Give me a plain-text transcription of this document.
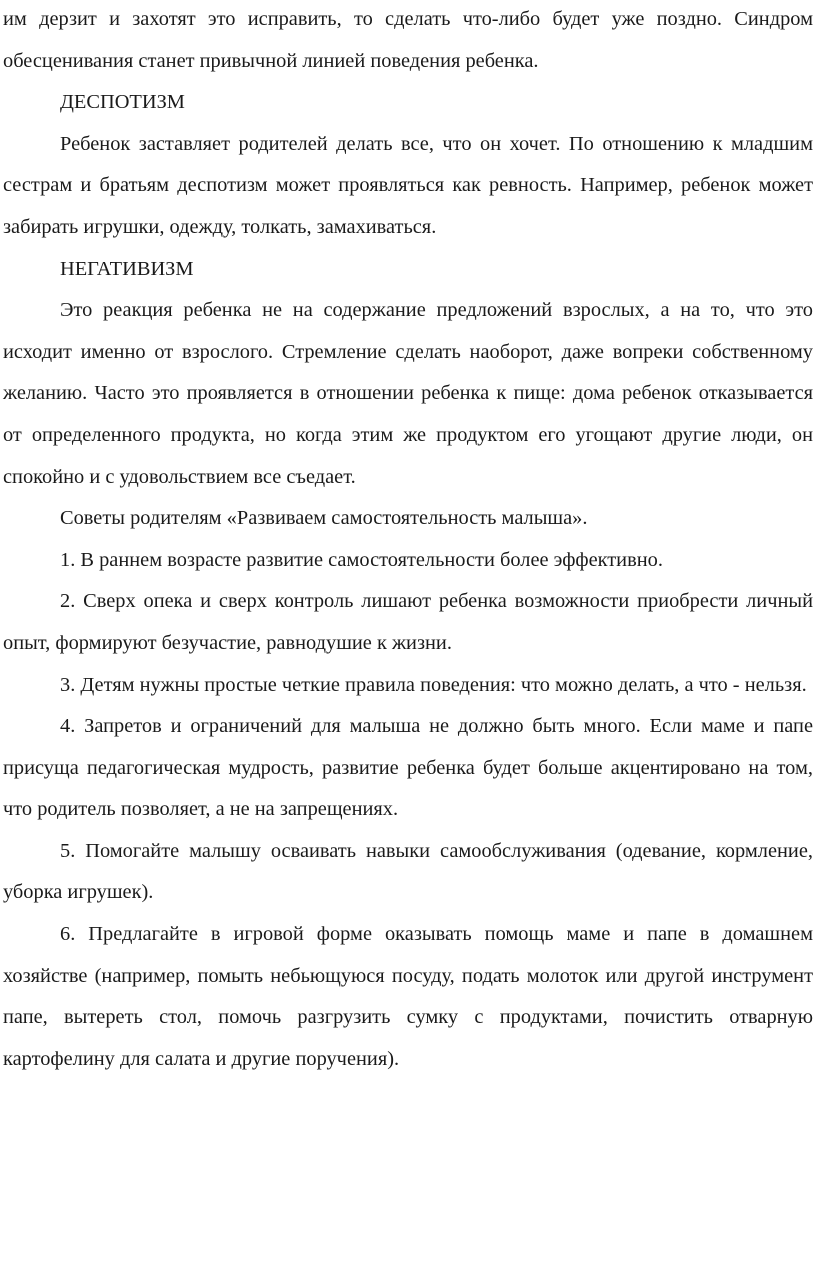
им дерзит и захотят это исправить, то сделать что-либо будет уже поздно. Синдром обесценивания станет привычной линией поведения ребенка.

ДЕСПОТИЗМ

Ребенок заставляет родителей делать все, что он хочет. По отношению к младшим сестрам и братьям деспотизм может проявляться как ревность. Например, ребенок может забирать игрушки, одежду, толкать, замахиваться.

НЕГАТИВИЗМ

Это реакция ребенка не на содержание предложений взрослых, а на то, что это исходит именно от взрослого. Стремление сделать наоборот, даже вопреки собственному желанию. Часто это проявляется в отношении ребенка к пище: дома ребенок отказывается от определенного продукта, но когда этим же продуктом его угощают другие люди, он спокойно и с удовольствием все съедает.

Советы родителям «Развиваем самостоятельность малыша».

1. В раннем возрасте развитие самостоятельности более эффективно.

2. Сверх опека и сверх контроль лишают ребенка возможности приобрести личный опыт, формируют безучастие, равнодушие к жизни.

3. Детям нужны простые четкие правила поведения: что можно делать, а что - нельзя.

4. Запретов и ограничений для малыша не должно быть много. Если маме и папе присуща педагогическая мудрость, развитие ребенка будет больше акцентировано на том, что родитель позволяет, а не на запрещениях.

5. Помогайте малышу осваивать навыки самообслуживания (одевание, кормление, уборка игрушек).

6. Предлагайте в игровой форме оказывать помощь маме и папе в домашнем хозяйстве (например, помыть небьющуюся посуду, подать молоток или другой инструмент папе, вытереть стол, помочь разгрузить сумку с продуктами, почистить отварную картофелину для салата и другие поручения).
